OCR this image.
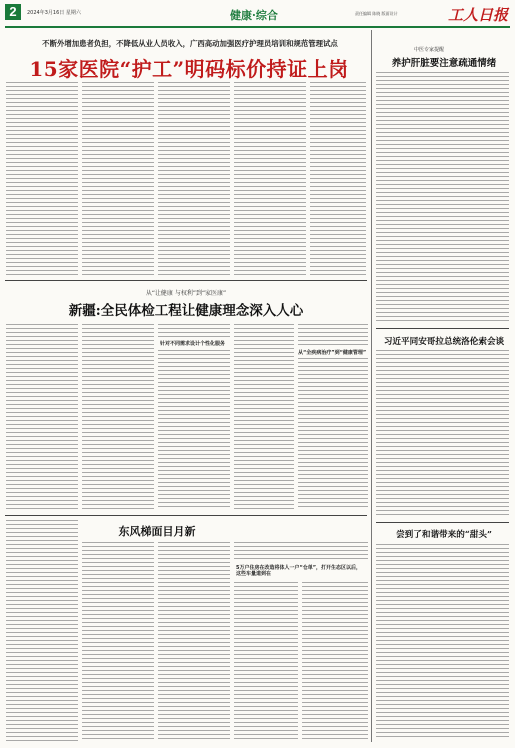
2	2024年3月16日 星期六	健康·综合	责任编辑 陈晓 版面设计	工人日报
不断外增加患者负担，不降低从业人员收入，广西高动加强医疗护理员培训和规范管理试点
15家医院“护工”明码标价持证上岗
中医专家提醒
养护肝脏要注意疏通情绪
习近平同安哥拉总统洛伦索会谈
尝到了和谐带来的“甜头”
从“让健康 与权利”到“家医康”
新疆:全民体检工程让健康理念深入人心
针对不同需求设计个性化服务
从“全疾病治疗”到“健康管理”
东风梯面目月新
5万户住房在改造将体人一户“仓单”，打开生态区以后，这些车量道到在
